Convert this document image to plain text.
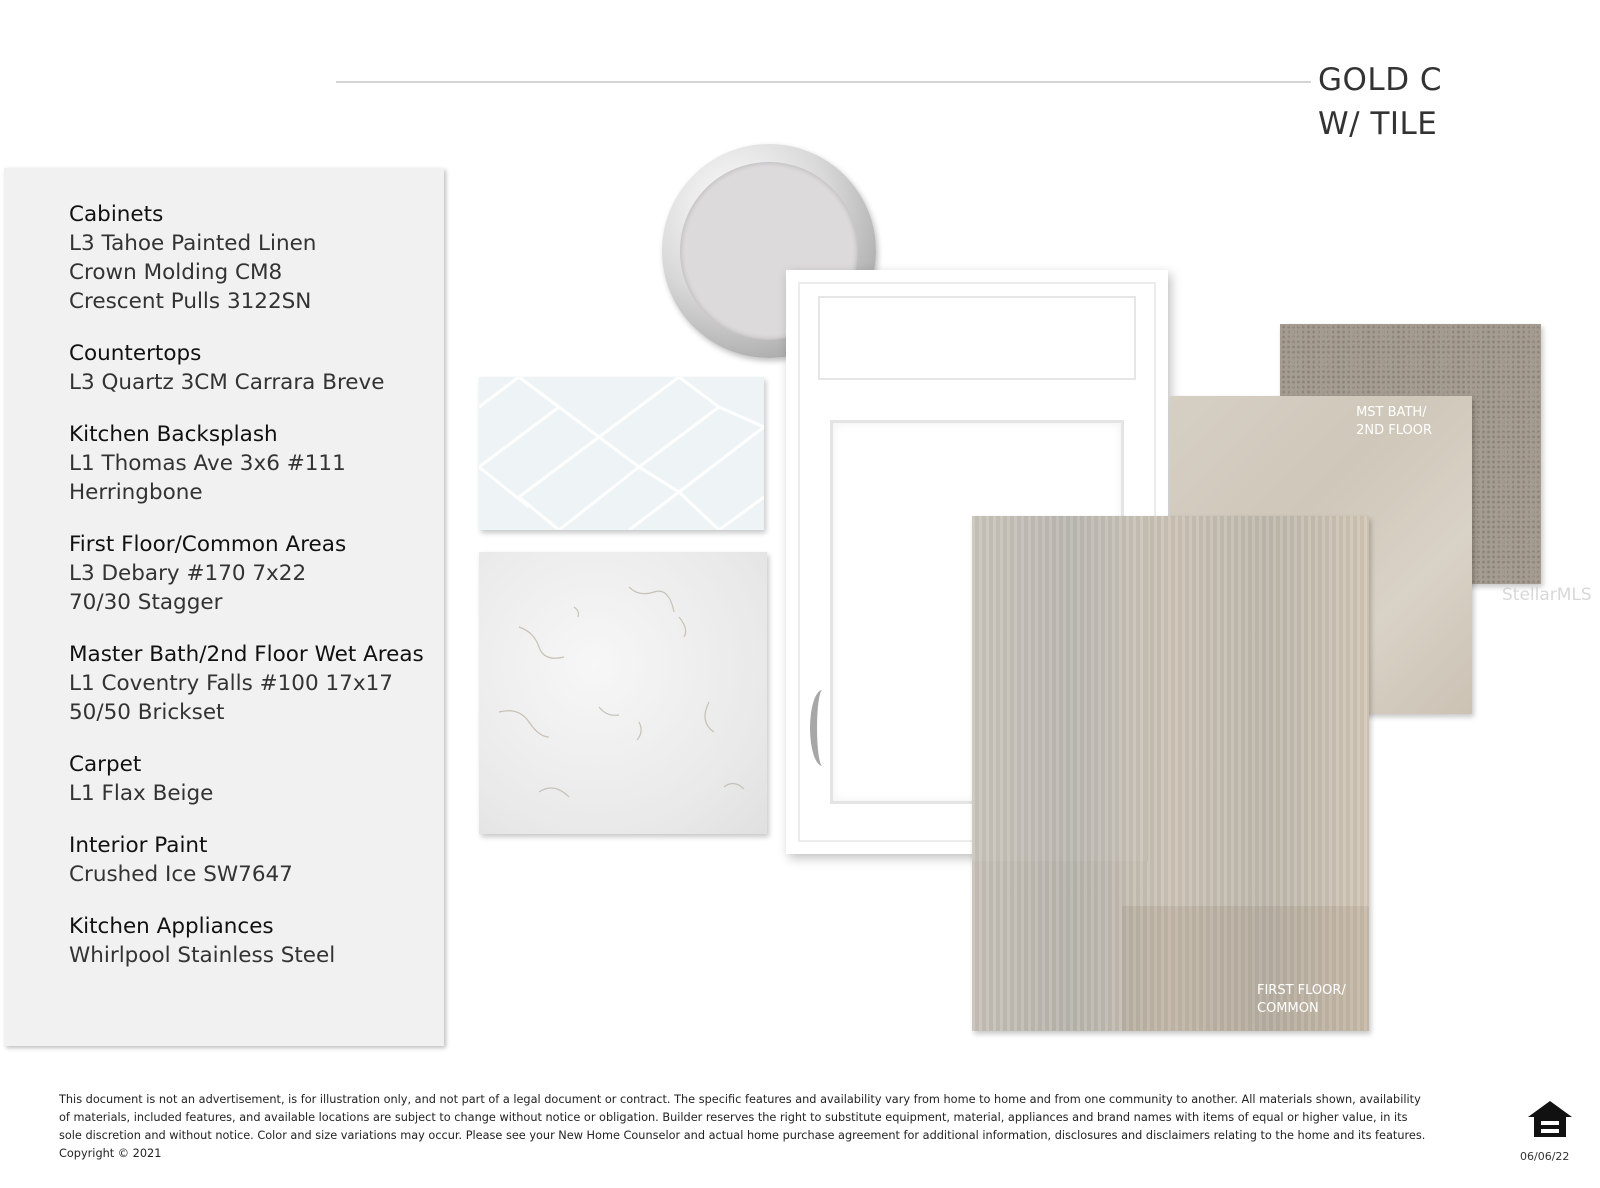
GOLD C
W/ TILE
Cabinets
L3 Tahoe Painted Linen
Crown Molding CM8
Crescent Pulls 3122SN
Countertops
L3 Quartz 3CM Carrara Breve
Kitchen Backsplash
L1 Thomas Ave 3x6 #111
Herringbone
First Floor/Common Areas
L3 Debary #170 7x22
70/30 Stagger
Master Bath/2nd Floor Wet Areas
L1 Coventry Falls #100 17x17
50/50 Brickset
Carpet
L1 Flax Beige
Interior Paint
Crushed Ice SW7647
Kitchen Appliances
Whirlpool Stainless Steel
MST BATH/
2ND FLOOR
FIRST FLOOR/
COMMON
StellarMLS
This document is not an advertisement, is for illustration only, and not part of a legal document or contract. The specific features and availability vary from home to home and from one community to another. All materials shown, availability of materials, included features, and available locations are subject to change without notice or obligation. Builder reserves the right to substitute equipment, material, appliances and brand names with items of equal or higher value, in its sole discretion and without notice. Color and size variations may occur. Please see your New Home Counselor and actual home purchase agreement for additional information, disclosures and disclaimers relating to the home and its features. Copyright © 2021	06/06/22
